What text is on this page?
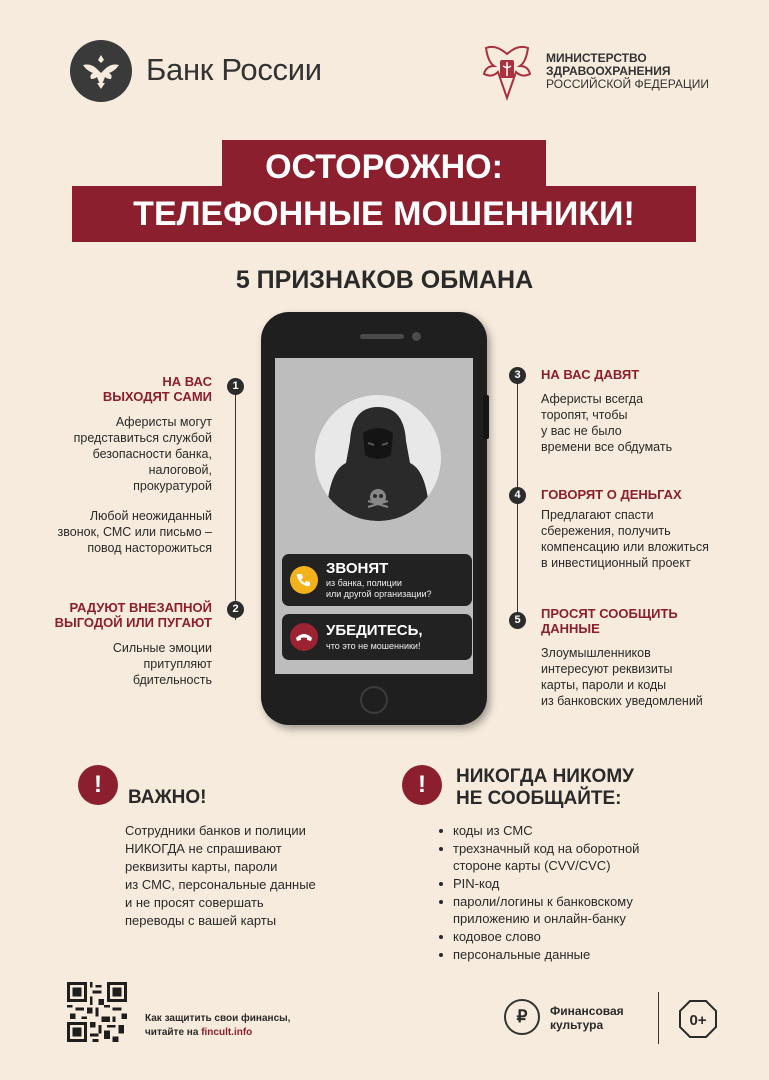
Банк России	МИНИСТЕРСТВО
ЗДРАВООХРАНЕНИЯ
РОССИЙСКОЙ ФЕДЕРАЦИИ
ТЕЛЕФОННЫЕ МОШЕННИКИ!
ОСТОРОЖНО:
5 ПРИЗНАКОВ ОБМАНА
ЗВОНЯТ
из банка, полиции
или другой организации?
УБЕДИТЕСЬ,
что это не мошенники!
1
2
НА ВАС
ВЫХОДЯТ САМИ
Аферисты могут
представиться службой
безопасности банка,
налоговой,
прокуратурой
Любой неожиданный
звонок, СМС или письмо –
повод насторожиться
РАДУЮТ ВНЕЗАПНОЙ
ВЫГОДОЙ ИЛИ ПУГАЮТ
Сильные эмоции
притупляют
бдительность
3
4
5
НА ВАС ДАВЯТ
Аферисты всегда
торопят, чтобы
у вас не было
времени все обдумать
ГОВОРЯТ О ДЕНЬГАХ
Предлагают спасти
сбережения, получить
компенсацию или вложиться
в инвестиционный проект
ПРОСЯТ СООБЩИТЬ
ДАННЫЕ
Злоумышленников
интересуют реквизиты
карты, пароли и коды
из банковских уведомлений
!	ВАЖНО!
Сотрудники банков и полиции
НИКОГДА не спрашивают
реквизиты карты, пароли
из СМС, персональные данные
и не просят совершать
переводы с вашей карты
!	НИКОГДА НИКОМУ
НЕ СООБЩАЙТЕ:
коды из СМС
трехзначный код на оборотной
стороне карты (CVV/CVC)
PIN-код
пароли/логины к банковскому
приложению и онлайн-банку
кодовое слово
персональные данные
Как защитить свои финансы,
читайте на fincult.info
₽	Финансовая
культура	0+
